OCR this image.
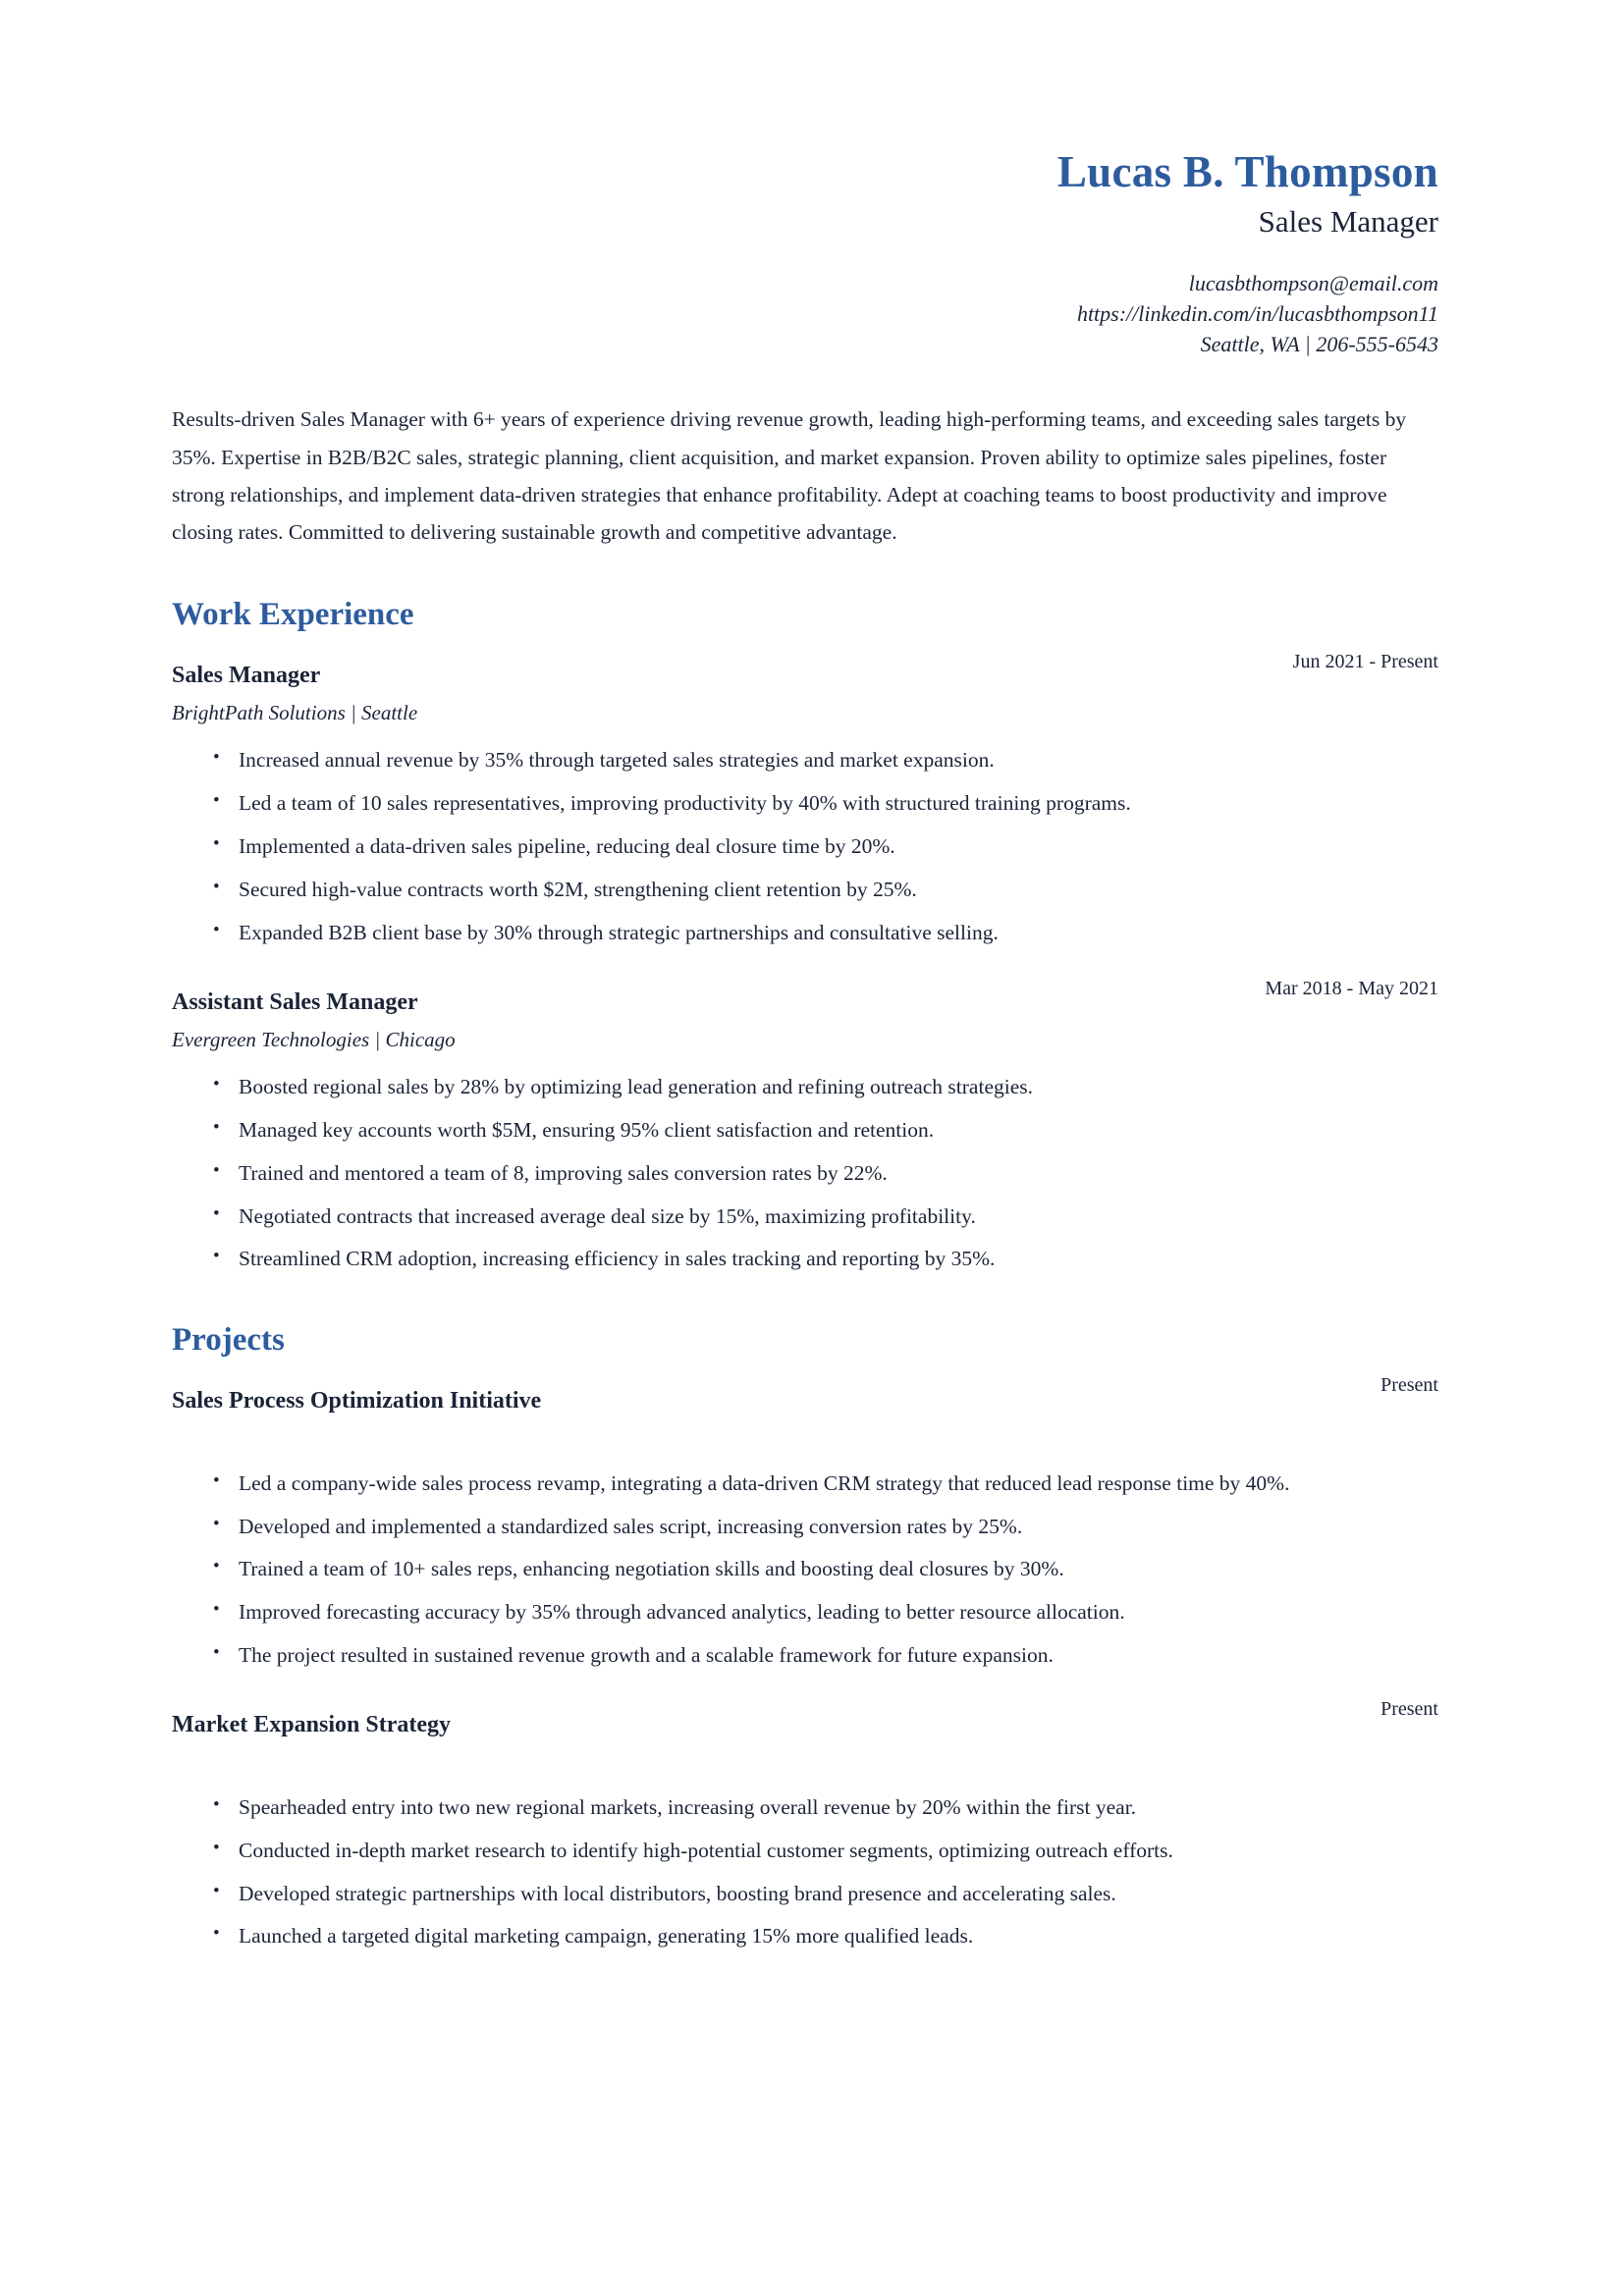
Lucas B. Thompson
Sales Manager
lucasbthompson@email.com
https://linkedin.com/in/lucasbthompson11
Seattle, WA | 206-555-6543
Results-driven Sales Manager with 6+ years of experience driving revenue growth, leading high-performing teams, and exceeding sales targets by 35%. Expertise in B2B/B2C sales, strategic planning, client acquisition, and market expansion. Proven ability to optimize sales pipelines, foster strong relationships, and implement data-driven strategies that enhance profitability. Adept at coaching teams to boost productivity and improve closing rates. Committed to delivering sustainable growth and competitive advantage.
Work Experience
Sales Manager
Jun 2021 - Present
BrightPath Solutions | Seattle
• Increased annual revenue by 35% through targeted sales strategies and market expansion.
• Led a team of 10 sales representatives, improving productivity by 40% with structured training programs.
• Implemented a data-driven sales pipeline, reducing deal closure time by 20%.
• Secured high-value contracts worth $2M, strengthening client retention by 25%.
• Expanded B2B client base by 30% through strategic partnerships and consultative selling.
Assistant Sales Manager
Mar 2018 - May 2021
Evergreen Technologies | Chicago
• Boosted regional sales by 28% by optimizing lead generation and refining outreach strategies.
• Managed key accounts worth $5M, ensuring 95% client satisfaction and retention.
• Trained and mentored a team of 8, improving sales conversion rates by 22%.
• Negotiated contracts that increased average deal size by 15%, maximizing profitability.
• Streamlined CRM adoption, increasing efficiency in sales tracking and reporting by 35%.
Projects
Sales Process Optimization Initiative
Present
• Led a company-wide sales process revamp, integrating a data-driven CRM strategy that reduced lead response time by 40%.
• Developed and implemented a standardized sales script, increasing conversion rates by 25%.
• Trained a team of 10+ sales reps, enhancing negotiation skills and boosting deal closures by 30%.
• Improved forecasting accuracy by 35% through advanced analytics, leading to better resource allocation.
• The project resulted in sustained revenue growth and a scalable framework for future expansion.
Market Expansion Strategy
Present
• Spearheaded entry into two new regional markets, increasing overall revenue by 20% within the first year.
• Conducted in-depth market research to identify high-potential customer segments, optimizing outreach efforts.
• Developed strategic partnerships with local distributors, boosting brand presence and accelerating sales.
• Launched a targeted digital marketing campaign, generating 15% more qualified leads.
